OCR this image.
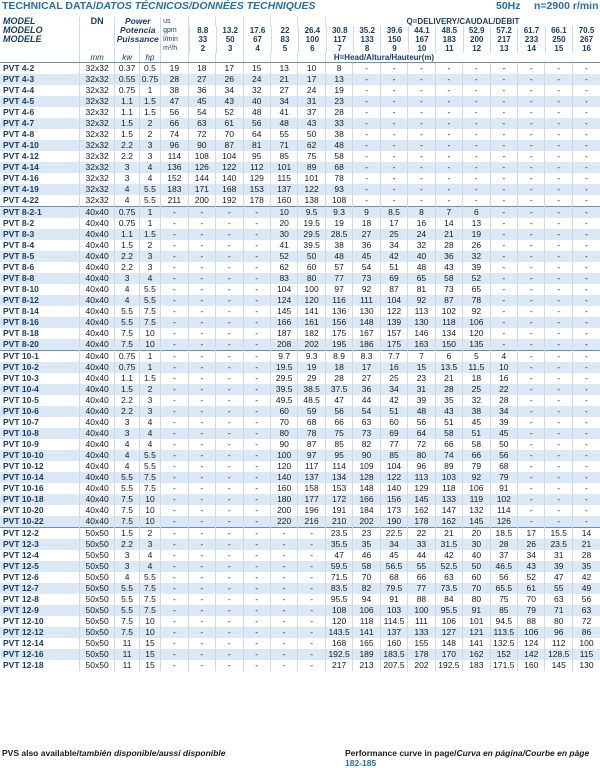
TECHNICAL DATA/DATOS TÉCNICOS/DONNÉES TECHNIQUES	50Hz n=2900 r/min
MODEL	DN	Power	us						Q=DELIVERY/CAUDAL/DÉBIT
MODELO		Potencia	gpm		8.8	13.2	17.6	22	26.4	30.8	35.2	39.6	44.1	48.5	52.9	57.2	61.7	66.1	70.5

MODÈLE		Puissance	l/min		33	50	67	83	100	117	133	150	167	183	200	217	233	250	267

				m³/h		2	3	4	5	6	7	8	9	10	11	12	13	14	15	16

	mm	kw	hp							H=Head/Altura/Hauteur(m)
PVT 4-2	32x32	0.37	0.5	19	18	17	15	13	10	8	-	-	-	-	-	-	-	-	-
PVT 4-3	32x32	0.55	0.75	28	27	26	24	21	17	13	-	-	-	-	-	-	-	-	-
PVT 4-4	32x32	0.75	1	38	36	34	32	27	24	19	-	-	-	-	-	-	-	-	-
PVT 4-5	32x32	1.1	1.5	47	45	43	40	34	31	23	-	-	-	-	-	-	-	-	-
PVT 4-6	32x32	1.1	1.5	56	54	52	48	41	37	28	-	-	-	-	-	-	-	-	-
PVT 4-7	32x32	1.5	2	66	63	61	56	48	43	33	-	-	-	-	-	-	-	-	-
PVT 4-8	32x32	1.5	2	74	72	70	64	55	50	38	-	-	-	-	-	-	-	-	-
PVT 4-10	32x32	2.2	3	96	90	87	81	71	62	48	-	-	-	-	-	-	-	-	-
PVT 4-12	32x32	2.2	3	114	108	104	95	85	75	58	-	-	-	-	-	-	-	-	-
PVT 4-14	32x32	3	4	136	126	122	112	101	89	68	-	-	-	-	-	-	-	-	-
PVT 4-16	32x32	3	4	152	144	140	129	115	101	78	-	-	-	-	-	-	-	-	-
PVT 4-19	32x32	4	5.5	183	171	168	153	137	122	93	-	-	-	-	-	-	-	-	-
PVT 4-22	32x32	4	5.5	211	200	192	178	160	138	108	-	-	-	-	-	-	-	-	-
PVT 8-2-1	40x40	0.75	1	-	-	-	-	10	9.5	9.3	9	8.5	8	7	6	-	-	-	-
PVT 8-2	40x40	0.75	1	-	-	-	-	20	19.5	19	18	17	16	14	13	-	-	-	-
PVT 8-3	40x40	1.1	1.5	-	-	-	-	30	29.5	28.5	27	25	24	21	19	-	-	-	-
PVT 8-4	40x40	1.5	2	-	-	-	-	41	39.5	38	36	34	32	28	26	-	-	-	-
PVT 8-5	40x40	2.2	3	-	-	-	-	52	50	48	45	42	40	36	32	-	-	-	-
PVT 8-6	40x40	2.2	3	-	-	-	-	62	60	57	54	51	48	43	39	-	-	-	-
PVT 8-8	40x40	3	4	-	-	-	-	83	80	77	73	69	65	58	52	-	-	-	-
PVT 8-10	40x40	4	5.5	-	-	-	-	104	100	97	92	87	81	73	65	-	-	-	-
PVT 8-12	40x40	4	5.5	-	-	-	-	124	120	116	111	104	92	87	78	-	-	-	-
PVT 8-14	40x40	5.5	7.5	-	-	-	-	145	141	136	130	122	113	102	92	-	-	-	-
PVT 8-16	40x40	5.5	7.5	-	-	-	-	166	161	156	148	139	130	118	106	-	-	-	-
PVT 8-18	40x40	7.5	10	-	-	-	-	187	182	175	167	157	146	134	120	-	-	-	-
PVT 8-20	40x40	7.5	10	-	-	-	-	208	202	195	186	175	163	150	135	-	-	-	-
PVT 10-1	40x40	0.75	1	-	-	-	-	9.7	9.3	8.9	8.3	7.7	7	6	5	4	-	-	-
PVT 10-2	40x40	0.75	1	-	-	-	-	19.5	19	18	17	16	15	13.5	11.5	10	-	-	-
PVT 10-3	40x40	1.1	1.5	-	-	-	-	29.5	29	28	27	25	23	21	18	16	-	-	-
PVT 10-4	40x40	1.5	2	-	-	-	-	39.5	38.5	37.5	36	34	31	28	25	22	-	-	-
PVT 10-5	40x40	2.2	3	-	-	-	-	49.5	48.5	47	44	42	39	35	32	28	-	-	-
PVT 10-6	40x40	2.2	3	-	-	-	-	60	59	56	54	51	48	43	38	34	-	-	-
PVT 10-7	40x40	3	4	-	-	-	-	70	68	66	63	60	56	51	45	39	-	-	-
PVT 10-8	40x40	3	4	-	-	-	-	80	78	75	73	69	64	58	51	45	-	-	-
PVT 10-9	40x40	4	4	-	-	-	-	90	87	85	82	77	72	66	58	50	-	-	-
PVT 10-10	40x40	4	5.5	-	-	-	-	100	97	95	90	85	80	74	66	56	-	-	-
PVT 10-12	40x40	4	5.5	-	-	-	-	120	117	114	109	104	96	89	79	68	-	-	-
PVT 10-14	40x40	5.5	7.5	-	-	-	-	140	137	134	128	122	113	103	92	79	-	-	-
PVT 10-16	40x40	5.5	7.5	-	-	-	-	160	158	153	148	140	129	118	106	91	-	-	-
PVT 10-18	40x40	7.5	10	-	-	-	-	180	177	172	166	156	145	133	119	102	-	-	-
PVT 10-20	40x40	7.5	10	-	-	-	-	200	196	191	184	173	162	147	132	114	-	-	-
PVT 10-22	40x40	7.5	10	-	-	-	-	220	216	210	202	190	178	162	145	126	-	-	-
PVT 12-2	50x50	1.5	2	-	-	-	-	-	-	23.5	23	22.5	22	21	20	18.5	17	15.5	14
PVT 12-3	50x50	2.2	3	-	-	-	-	-	-	35.5	35	34	33	31.5	30	28	26	23.5	21
PVT 12-4	50x50	3	4	-	-	-	-	-	-	47	46	45	44	42	40	37	34	31	28
PVT 12-5	50x50	3	4	-	-	-	-	-	-	59.5	58	56.5	55	52.5	50	46.5	43	39	35
PVT 12-6	50x50	4	5.5	-	-	-	-	-	-	71.5	70	68	66	63	60	56	52	47	42
PVT 12-7	50x50	5.5	7.5	-	-	-	-	-	-	83.5	82	79.5	77	73.5	70	65.5	61	55	49
PVT 12-8	50x50	5.5	7.5	-	-	-	-	-	-	95.5	94	91	88	84	80	75	70	63	56
PVT 12-9	50x50	5.5	7.5	-	-	-	-	-	-	108	106	103	100	95.5	91	85	79	71	63
PVT 12-10	50x50	7.5	10	-	-	-	-	-	-	120	118	114.5	111	106	101	94.5	88	80	72
PVT 12-12	50x50	7.5	10	-	-	-	-	-	-	143.5	141	137	133	127	121	113.5	106	96	86
PVT 12-14	50x50	11	15	-	-	-	-	-	-	168	165	160	155	148	141	132.5	124	112	100
PVT 12-16	50x50	11	15	-	-	-	-	-	-	192.5	189	183.5	178	170	162	152	142	128.5	115
PVT 12-18	50x50	11	15	-	-	-	-	-	-	217	213	207.5	202	192.5	183	171.5	160	145	130
PVS also available/también disponible/aussi disponible	Performance curve in page/Curva en página/Courbe en pàge 182-185
